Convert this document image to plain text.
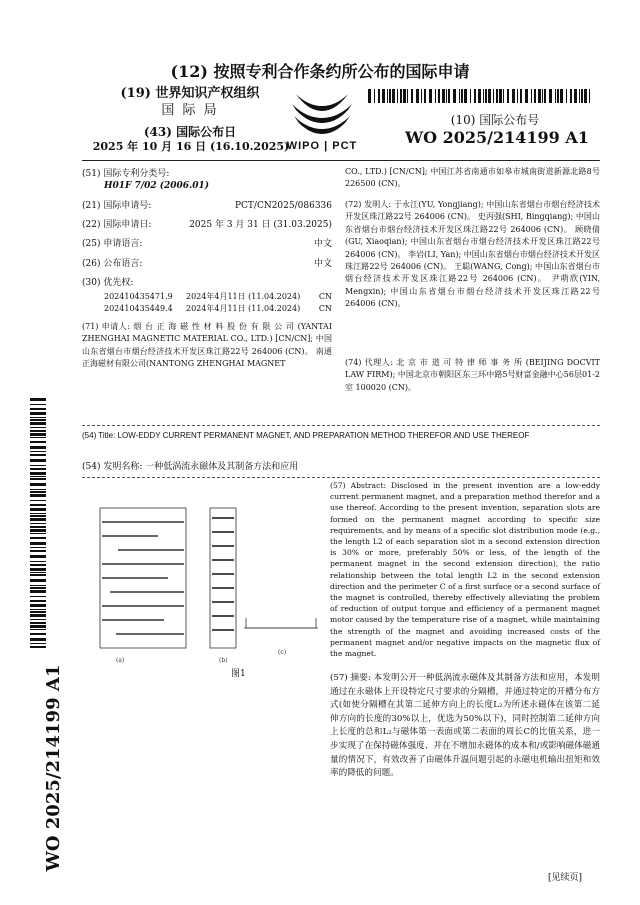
(12) 按照专利合作条约所公布的国际申请
(19) 世界知识产权组织
国 际 局
(43) 国际公布日
2025 年 10 月 16 日 (16.10.2025)
WIPO | PCT
(10) 国际公布号
WO 2025/214199 A1
(51) 国际专利分类号:
H01F 7/02 (2006.01)
(21) 国际申请号:	PCT/CN2025/086336
(22) 国际申请日:	2025 年 3 月 31 日 (31.03.2025)
(25) 申请语言:	中文
(26) 公布语言:	中文
(30) 优先权:
202410435471.9 2024年4月11日 (11.04.2024) CN
202410435449.4 2024年4月11日 (11.04.2024) CN
(71) 申请人: 烟 台 正 海 磁 性 材 料 股 份 有 限 公 司 (YANTAI ZHENGHAI MAGNETIC MATERIAL CO., LTD.) [CN/CN]; 中国山东省烟台市烟台经济技术开发区珠江路22号 264006 (CN)。 南通正海磁材有限公司(NANTONG ZHENGHAI MAGNET
CO., LTD.) [CN/CN]; 中国江苏省南通市如皋市城南街道新源北路8号 226500 (CN)。
(72) 发明人: 于永江(YU, Yongjiang); 中国山东省烟台市烟台经济技术开发区珠江路22号 264006 (CN)。 史丙强(SHI, Bingqiang); 中国山东省烟台市烟台经济技术开发区珠江路22号 264006 (CN)。 顾晓倩(GU, Xiaoqian); 中国山东省烟台市烟台经济技术开发区珠江路22号 264006 (CN)。 李岩(LI, Yan); 中国山东省烟台市烟台经济技术开发区珠江路22号 264006 (CN)。 王聪(WANG, Cong); 中国山东省烟台市烟台经济技术开发区珠江路22号 264006 (CN)。 尹萌欣(YIN, Mengxin); 中国山东省烟台市烟台经济技术开发区珠江路22号 264006 (CN)。
(74) 代理人: 北 京 市 道 可 特 律 师 事 务 所 (BEIJING DOCVIT LAW FIRM); 中国北京市朝阳区东三环中路5号财富金融中心56层01-2室 100020 (CN)。
(54) Title: LOW-EDDY CURRENT PERMANENT MAGNET, AND PREPARATION METHOD THEREFOR AND USE THEREOF
(54) 发明名称: 一种低涡流永磁体及其制备方法和应用
(a)	(b)
(c)
图1
(57) Abstract: Disclosed in the present invention are a low-eddy current permanent magnet, and a preparation method therefor and a use thereof. According to the present invention, separation slots are formed on the permanent magnet according to specific size requirements, and by means of a specific slot distribution mode (e.g., the length L2 of each separation slot in a second extension direction is 30% or more, preferably 50% or less, of the length of the permanent magnet in the second extension direction), the ratio relationship between the total length L2 in the second extension direction and the perimeter C of a first surface or a second surface of the magnet is controlled, thereby effectively alleviating the problem of reduction of output torque and efficiency of a permanent magnet motor caused by the temperature rise of a magnet, while maintaining the strength of the magnet and avoiding increased costs of the permanent magnet and/or negative impacts on the magnetic flux of the magnet.
(57) 摘要: 本发明公开一种低涡流永磁体及其制备方法和应用，本发明通过在永磁体上开设特定尺寸要求的分隔槽，并通过特定的开槽分布方式(如使分隔槽在其第二延伸方向上的长度L₂为所述永磁体在该第二延伸方向的长度的30%以上，优选为50%以下)，同时控制第二延伸方向上长度的总和L₂与磁体第一表面或第二表面的周长C的比值关系，进一步实现了在保持磁体强度、并在不增加永磁体的成本和/或影响磁体磁通量的情况下，有效改善了由磁体升温问题引起的永磁电机输出扭矩和效率的降低的问题。
WO 2025/214199 A1
[见续页]
